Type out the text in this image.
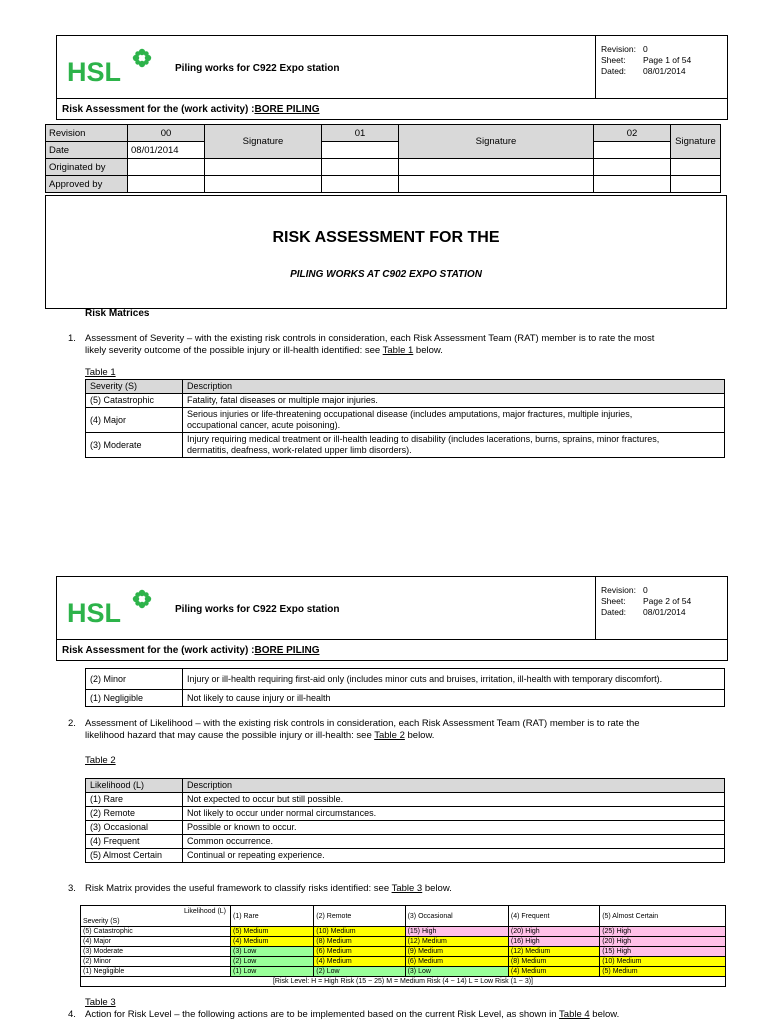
HSL	Piling works for C922 Expo station
Revision: 0
Sheet: Page 1 of 54
Dated: 08/01/2014
Risk Assessment for the (work activity) :BORE PILING
Revision	00	Signature	01	Signature	02	Signature
Date	08/01/2014					
Originated by						
Approved by						
RISK ASSESSMENT FOR THE
PILING WORKS AT C902 EXPO STATION
Risk Matrices
1. Assessment of Severity – with the existing risk controls in consideration, each Risk Assessment Team (RAT) member is to rate the most
likely severity outcome of the possible injury or ill-health identified: see Table 1 below.
Table 1
Severity (S)	Description
(5) Catastrophic	Fatality, fatal diseases or multiple major injuries.
(4) Major	Serious injuries or life-threatening occupational disease (includes amputations, major fractures, multiple injuries,
occupational cancer, acute poisoning).

(3) Moderate	Injury requiring medical treatment or ill-health leading to disability (includes lacerations, burns, sprains, minor fractures,
dermatitis, deafness, work-related upper limb disorders).
HSL	Piling works for C922 Expo station
Revision: 0
Sheet: Page 2 of 54
Dated: 08/01/2014
Risk Assessment for the (work activity) :BORE PILING
(2) Minor	Injury or ill-health requiring first-aid only (includes minor cuts and bruises, irritation, ill-health with temporary discomfort).
(1) Negligible	Not likely to cause injury or ill-health
2. Assessment of Likelihood – with the existing risk controls in consideration, each Risk Assessment Team (RAT) member is to rate the
likelihood hazard that may cause the possible injury or ill-health: see Table 2 below.
Table 2
Likelihood (L)	Description
(1) Rare	Not expected to occur but still possible.
(2) Remote	Not likely to occur under normal circumstances.
(3) Occasional	Possible or known to occur.
(4) Frequent	Common occurrence.
(5) Almost Certain	Continual or repeating experience.
3. Risk Matrix provides the useful framework to classify risks identified: see Table 3 below.
Likelihood (L)
Severity (S)	(1) Rare	(2) Remote	(3) Occasional	(4) Frequent	(5) Almost Certain
(5) Catastrophic	(5) Medium	(10) Medium	(15) High	(20) High	(25) High
(4) Major	(4) Medium	(8) Medium	(12) Medium	(16) High	(20) High
(3) Moderate	(3) Low	(6) Medium	(9) Medium	(12) Medium	(15) High
(2) Minor	(2) Low	(4) Medium	(6) Medium	(8) Medium	(10) Medium
(1) Negligible	(1) Low	(2) Low	(3) Low	(4) Medium	(5) Medium
[Risk Level: H = High Risk (15 ~ 25) M = Medium Risk (4 ~ 14) L = Low Risk (1 ~ 3)]					
Table 3
4. Action for Risk Level – the following actions are to be implemented based on the current Risk Level, as shown in Table 4 below.
